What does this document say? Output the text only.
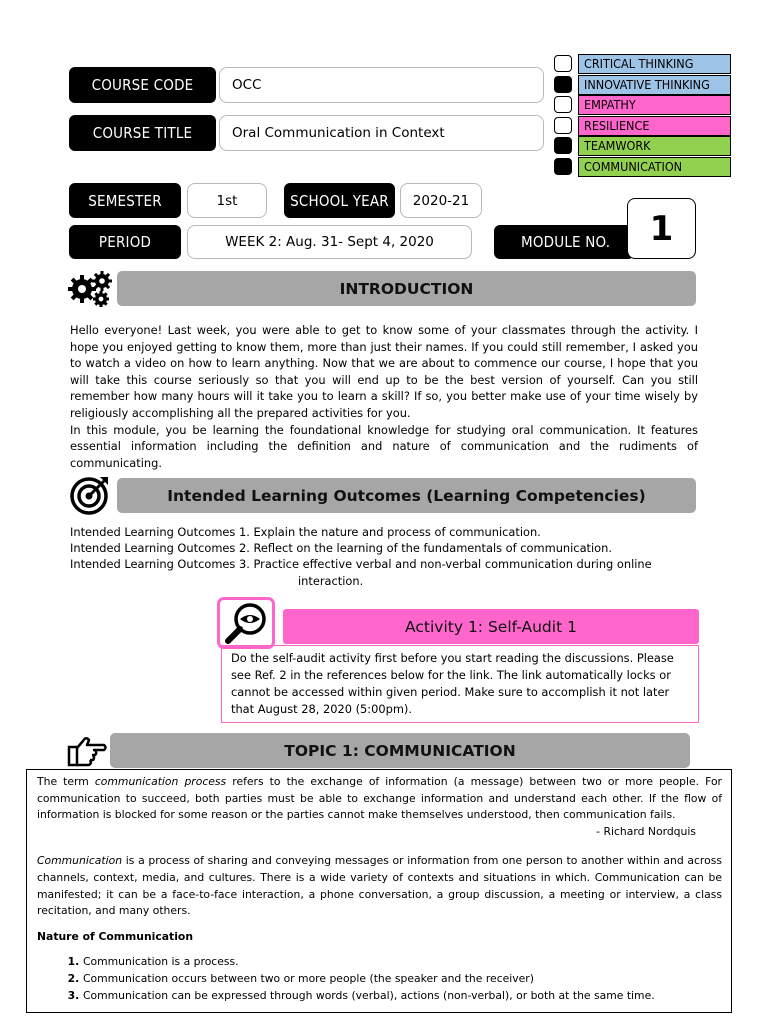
COURSE CODE	OCC
COURSE TITLE	Oral Communication in Context
SEMESTER	1st	SCHOOL YEAR	2020-21
PERIOD	WEEK 2: Aug. 31- Sept 4, 2020	MODULE NO.	1
CRITICAL THINKING
INNOVATIVE THINKING
EMPATHY
RESILIENCE
TEAMWORK
COMMUNICATION
INTRODUCTION

Hello everyone! Last week, you were able to get to know some of your classmates through the activity. I hope you enjoyed getting to know them, more than just their names. If you could still remember, I asked you to watch a video on how to learn anything. Now that we are about to commence our course, I hope that you will take this course seriously so that you will end up to be the best version of yourself. Can you still remember how many hours will it take you to learn a skill? If so, you better make use of your time wisely by religiously accomplishing all the prepared activities for you.

In this module, you be learning the foundational knowledge for studying oral communication. It features essential information including the definition and nature of communication and the rudiments of communicating.

Intended Learning Outcomes (Learning Competencies)
Intended Learning Outcomes 1. Explain the nature and process of communication.
Intended Learning Outcomes 2. Reflect on the learning of the fundamentals of communication.
Intended Learning Outcomes 3. Practice effective verbal and non-verbal communication during online
interaction.
Activity 1: Self-Audit 1
Do the self-audit activity first before you start reading the discussions. Please see Ref. 2 in the references below for the link. The link automatically locks or cannot be accessed within given period. Make sure to accomplish it not later that August 28, 2020 (5:00pm).
TOPIC 1: COMMUNICATION

The term communication process refers to the exchange of information (a message) between two or more people. For communication to succeed, both parties must be able to exchange information and understand each other. If the flow of information is blocked for some reason or the parties cannot make themselves understood, then communication fails.

- Richard Nordquis

Communication is a process of sharing and conveying messages or information from one person to another within and across channels, context, media, and cultures. There is a wide variety of contexts and situations in which. Communication can be manifested; it can be a face-to-face interaction, a phone conversation, a group discussion, a meeting or interview, a class recitation, and many others.

Nature of Communication

1. Communication is a process.
2. Communication occurs between two or more people (the speaker and the receiver)
3. Communication can be expressed through words (verbal), actions (non-verbal), or both at the same time.
